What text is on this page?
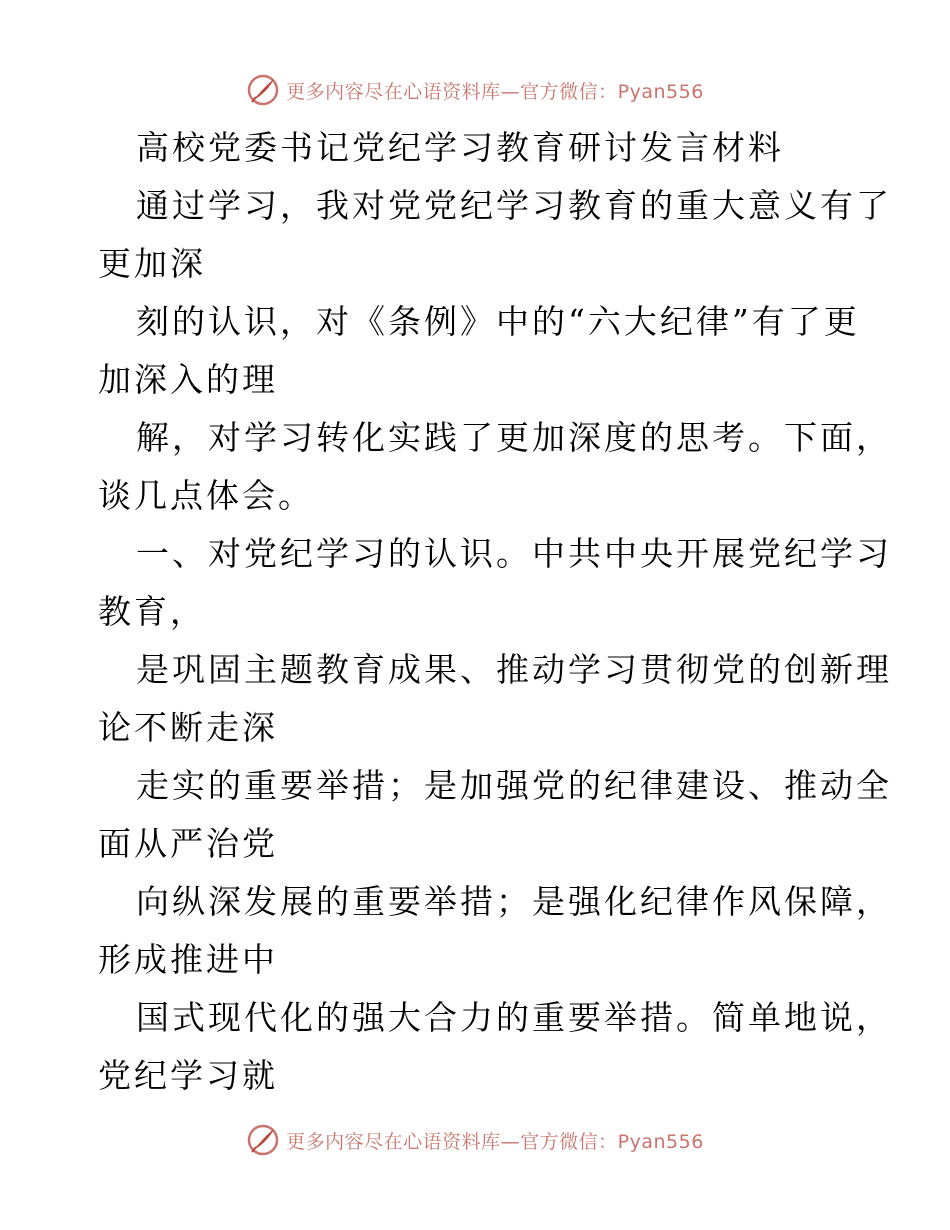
更多内容尽在心语资料库—官方微信：Pyan556
高校党委书记党纪学习教育研讨发言材料
通过学习，我对党党纪学习教育的重大意义有了
更加深
刻的认识，对《条例》中的“六大纪律”有了更
加深入的理
解，对学习转化实践了更加深度的思考。下面，
谈几点体会。
一、对党纪学习的认识。中共中央开展党纪学习
教育，
是巩固主题教育成果、推动学习贯彻党的创新理
论不断走深
走实的重要举措；是加强党的纪律建设、推动全
面从严治党
向纵深发展的重要举措；是强化纪律作风保障，
形成推进中
国式现代化的强大合力的重要举措。简单地说，
党纪学习就
更多内容尽在心语资料库—官方微信：Pyan556
